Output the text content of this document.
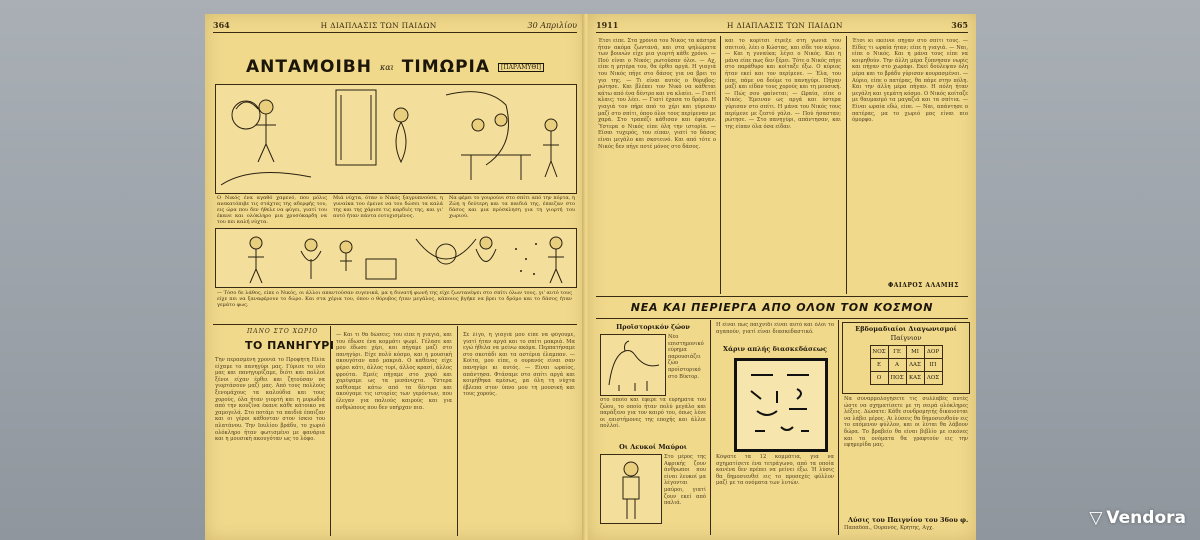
364	Η ΔΙΑΠΛΑΣΙΣ ΤΩΝ ΠΑΙΔΩΝ	30 Απριλίου
ΑΝΤΑΜΟΙΒΗ και ΤΙΜΩΡΙΑ	[ΠΑΡΑΜΥΘΙ]
Ο Νικός ένα αγαθό χαμενό, που μόλις ανεκατόπιβε τις στάχτες της αδερφής του, εις ώρα που δεν ήθελε να φύγει, γιατί του έκανε και ολόκληρο μια χρυσόκαρδη να του πει καλή νύχτα.
Μιά νύχτα, όταν ο Νικός ξαγρυπνούσε, η γυναίκα του έμεινε να του δώσει τα καλά της και της χάρισε τις καρδιές της, και γι' αυτό ήταν πάντα ευτυχισμένος.
Να φέρει το γουρούνι στο σπίτι από την πόρτα, η Ζώη η δεύτερη και τα παιδιά της, έπαιζαν στο δάσος και μια πρόσκληση για τη γιορτή του χωριού.
— Τόσο δε λάθος, είπε ο Νικός, οι άλλοι απαντούσαν ευγενικά, μα η δυνατή φωνή της είχε ζωντανέψει στο σπίτι όλων τους, γι' αυτό τους είχε πει να ξαναφέρουν το δώρο. Και στα χέρια του, όπου ο θόρυβος ήταν μεγάλος, κάποιος βγήκε να βρει το δρόμο και το δάσος ήταν γεμάτο φως.
ΠΑΝΟ ΣΤΟ ΧΩΡΙΟ
ΤΟ ΠΑΝΗΓΥΡΙ
Την περασμένη χρονιά το Προφήτη Ηλία είχαμε το πανηγύρι μας. Γύρισε το νέο μας και πανηγυρίζαμε, διότι και πολλοί ξένοι είχαν έρθει και ζητούσαν να γιορτάσουν μαζί μας. Από τους πολλούς ξενομάχους τα καλούδια και τους χορούς, όλα ήταν γιορτή και η μυρωδιά από την κουζίνα έκανε κάθε κάτοικο να χαμογελά. Στο ποτάμι τα παιδιά έπαιζαν και οι γέροι κάθονταν στον ίσκιο του πλατάνου. Την Ιουλίου βράδυ, το χωριό ολόκληρο ήταν φωτισμένο με φανάρια και η μουσική ακουγόταν ως το λόφο.
— Και τι θα δώσεις; του είπε η γιαγιά, και του έδωσε ένα κομμάτι ψωμί. Γέλασε και μου έδωσε χέρι, και πήγαμε μαζί στο πανηγύρι. Είχε πολύ κόσμο, και η μουσική ακουγόταν από μακριά. Ο καθένας είχε φέρει κάτι, άλλος τυρί, άλλος κρασί, άλλος φρούτα. Εμείς πήγαμε στο χορό και χορέψαμε ως τα μεσάνυχτα. Ύστερα καθίσαμε κάτω από τα δέντρα και ακούγαμε τις ιστορίες των γερόντων, που έλεγαν για παλιούς καιρούς και για ανθρώπους που δεν υπήρχαν πια.
Σε λίγο, η γιαγιά μου είπε να φύγουμε, γιατί ήταν αργά και το σπίτι μακριά. Μα εγώ ήθελα να μείνω ακόμα. Περπατήσαμε στο σκοτάδι και τα αστέρια έλαμπαν. — Κοίτα, μου είπε, ο ουρανός είναι σαν πανηγύρι κι αυτός. — Είναι ωραίος, απάντησα. Φτάσαμε στο σπίτι αργά και κοιμήθηκα αμέσως, μα όλη τη νύχτα έβλεπα στον ύπνο μου τη μουσική και τους χορούς.
1911	Η ΔΙΑΠΛΑΣΙΣ ΤΩΝ ΠΑΙΔΩΝ	365
Έτσι είπε. Στα χρόνια του Νικός τα κάστρα ήταν ακόμα ζωντανά, και στα ψηλώματα των βουνών είχε μια γιορτή κάθε χρόνο. — Πού είναι ο Νικός; ρωτούσαν όλοι. — Αχ, είπε η μητέρα του, θα έρθει αργά. Η γιαγιά του Νικός πήγε στο δάσος για να βρει το γιο της. — Τι είναι αυτός ο θόρυβος; ρώτησε. Και βλέπει τον Νικό να κάθεται κάτω από ένα δέντρο και να κλαίει. — Γιατί κλαις; του λέει. — Γιατί έχασα το δρόμο. Η γιαγιά τον πήρε από το χέρι και γύρισαν μαζί στο σπίτι, όπου όλοι τους περίμεναν με χαρά. Στο τραπέζι κάθισαν και έφαγαν. Ύστερα ο Νικός είπε όλη την ιστορία. — Είσαι τυχερός, του είπαν, γιατί το δάσος είναι μεγάλο και σκοτεινό. Και από τότε ο Νικός δεν πήγε ποτέ μόνος στο δάσος.
και το κορίτσι έτρεξε στη γωνιά του σπιτιού, λέει ο Κώστας, και είδε τον κύριο. — Και η γυναίκα; λέγει ο Νικός. Και η μάνα είπε πως δεν ξέρει. Τότε ο Νικός πήγε στο παράθυρο και κοίταξε έξω. Ο κύριος ήταν εκεί και τον περίμενε. — Έλα, του είπε, πάμε να δούμε το πανηγύρι. Πήγαν μαζί και είδαν τους χορούς και τη μουσική. — Πώς σου φαίνεται; — Ωραία, είπε ο Νικός. Έμειναν ως αργά και ύστερα γύρισαν στο σπίτι. Η μάνα του Νικός τους περίμενε με ζεστό γάλα. — Πού ήσασταν; ρώτησε. — Στο πανηγύρι, απάντησαν, και της είπαν όλα όσα είδαν.
Έτσι κι εκείνοι πήγαν στο σπίτι τους. — Είδες τι ωραία ήταν; είπε η γιαγιά. — Ναι, είπε ο Νικός. Και η μάνα τους είπε να κοιμηθούν. Την άλλη μέρα ξύπνησαν νωρίς και πήγαν στο χωράφι. Εκεί δούλεψαν όλη μέρα και το βράδυ γύρισαν κουρασμένοι. — Αύριο, είπε ο πατέρας, θα πάμε στην πόλη. Και την άλλη μέρα πήγαν. Η πόλη ήταν μεγάλη και γεμάτη κόσμο. Ο Νικός κοίταζε με θαυμασμό τα μαγαζιά και τα σπίτια. — Είναι ωραία εδώ, είπε. — Ναι, απάντησε ο πατέρας, μα το χωριό μας είναι πιο όμορφο.
ΦΑΙΔΡΟΣ ΑΛΑΜΗΣ
ΝΕΑ ΚΑΙ ΠΕΡΙΕΡΓΑ ΑΠΟ ΟΛΟΝ ΤΟΝ ΚΟΣΜΟΝ
Προϊστορικόν ζώον
Νέο επιστημονικό εύρημα παρουσιάζει ζώο προϊστορικό στο Βίκτορ.
στο οποίο και έφερε τα ευρήματα του ζώου, το οποίο ήταν πολύ μεγάλο και παράξενο για τον καιρό του, όπως λένε οι επιστήμονες της εποχής και άλλοι πολλοί.
Οι Λευκοί Μαύροι
Στο μέρος της Αφρικής ζουν άνθρωποι που είναι λευκοί μα λέγονται μαύροι, γιατί ζουν εκεί από παλιά.
Η είναι πως παιχνίδι είναι αυτό και όλοι το αγαπούν, γιατί είναι διασκεδαστικό.
Χάριν απλής διασκεδάσεως
Κόψατε τα 12 κομμάτια, για να σχηματίσετε ένα τετράγωνο, από τα οποία κανένα δεν πρέπει να μείνει έξω. Ή λύσις θα δημοσιευθεί εις το προσεχές φύλλον μαζί με τα ονόματα των λυτών.
Εβδομαδιαίοι Διαγωνισμοί
Παίγνιον
ΝΟΣ	ΓΕ	ΜΙ	ΔΟΡ
Ε	Α	ΛΑΣ	ΙΠ
Ο	ΠΟΣ	ΚΑΣ	ΛΟΣ
Να συναρμολογήσετε τις συλλαβές αυτές ώστε να σχηματίσετε με τη σειρά ολόκληρες λέξεις. Δώσατε: Κάθε συνδρομητής δικαιούται να λάβει μέρος. Αι λύσεις θα δημοσιευθούν εις το επόμενον φύλλον, και οι λύται θα λάβουν δώρα. Το βραβείο θα είναι βιβλίο με εικόνες και τα ονόματα θα γραφτούν εις την εφημερίδα μας.
Λύσις του Παιγνίου του 36ου φ.
Παπαδόπ., Ουρανός, Κρήτης, Αγχ.	▽ Vendora
